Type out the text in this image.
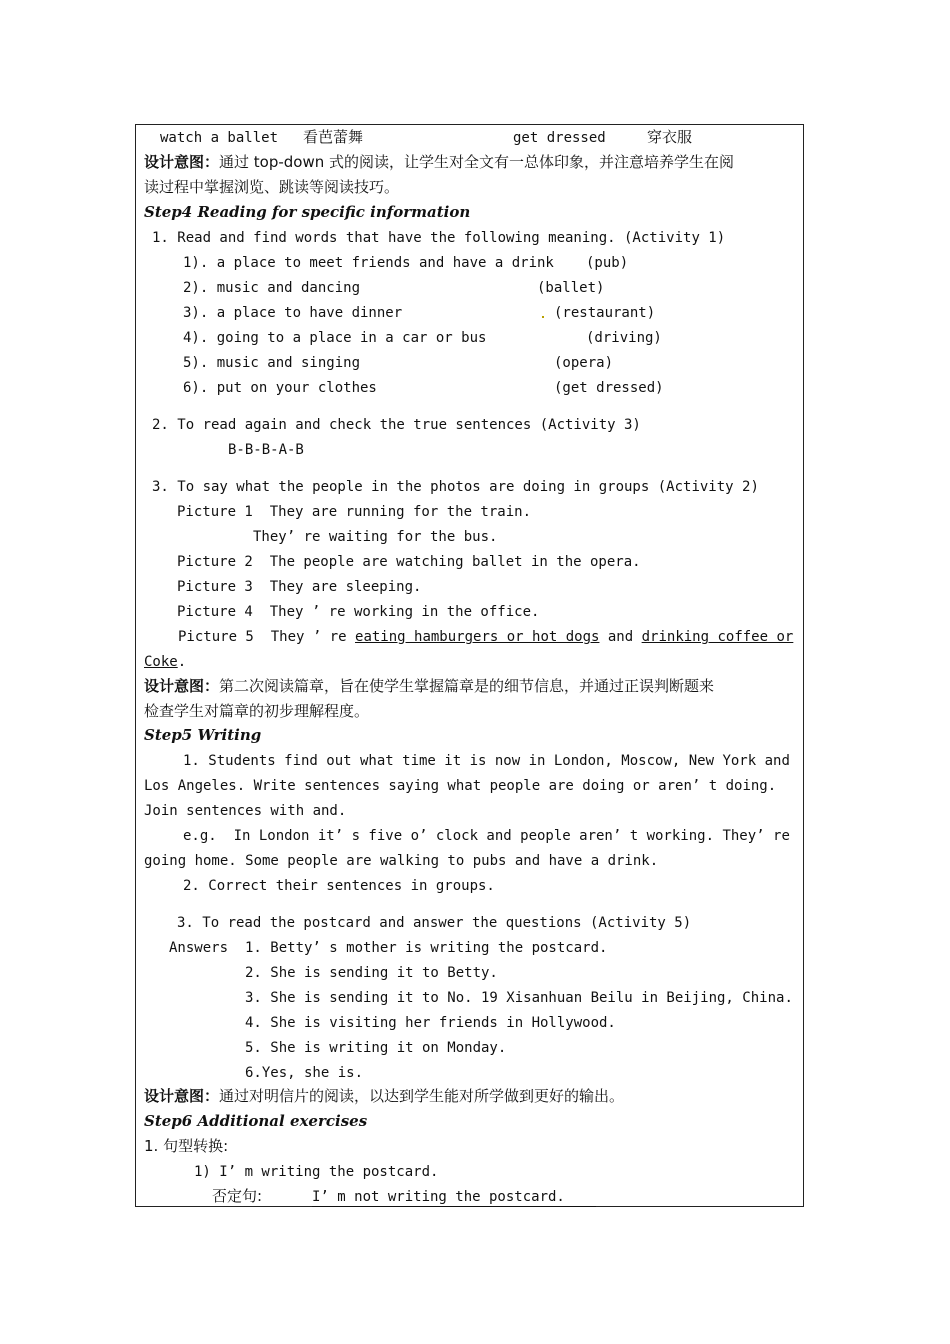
watch a ballet 看芭蕾舞	get dressed	穿衣服
设计意图：通过 top-down 式的阅读，让学生对全文有一总体印象，并注意培养学生在阅
读过程中掌握浏览、跳读等阅读技巧。
Step4 Reading for specific information
1. Read and find words that have the following meaning. (Activity 1)
1). a place to meet friends and have a drink (pub)
2). music and dancing	(ballet)
3). a place to have dinner	(restaurant)
4). going to a place in a car or bus	(driving)
5). music and singing	(opera)
6). put on your clothes	(get dressed)
2. To read again and check the true sentences (Activity 3)
B-B-B-A-B
3. To say what the people in the photos are doing in groups (Activity 2)
Picture 1  They are running for the train.
They’ re waiting for the bus.
Picture 2  The people are watching ballet in the opera.
Picture 3  They are sleeping.
Picture 4  They ’ re working in the office.
Picture 5  They ’ re eating hamburgers or hot dogs and drinking coffee or
Coke.
设计意图：第二次阅读篇章，旨在使学生掌握篇章是的细节信息，并通过正误判断题来
检查学生对篇章的初步理解程度。
Step5 Writing
1. Students find out what time it is now in London, Moscow, New York and
Los Angeles. Write sentences saying what people are doing or aren’ t doing.
Join sentences with and.
e.g.  In London it’ s five o’ clock and people aren’ t working. They’ re
going home. Some people are walking to pubs and have a drink.
2. Correct their sentences in groups.
3. To read the postcard and answer the questions (Activity 5)
Answers 1. Betty’ s mother is writing the postcard.
2. She is sending it to Betty.
3. She is sending it to No. 19 Xisanhuan Beilu in Beijing, China.
4. She is visiting her friends in Hollywood.
5. She is writing it on Monday.
6.Yes, she is.
设计意图：通过对明信片的阅读，以达到学生能对所学做到更好的输出。
Step6 Additional exercises
1. 句型转换:
1) I’ m writing the postcard.
否定句:	I’ m not writing the postcard.
